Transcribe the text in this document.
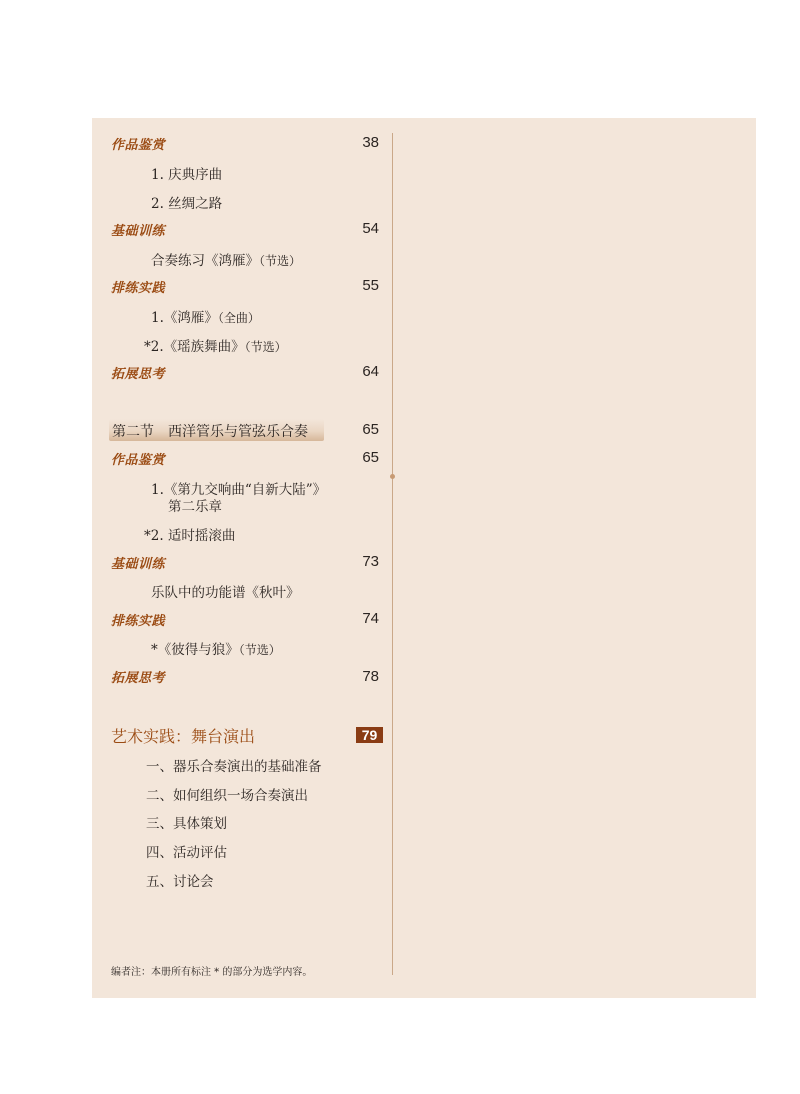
作品鉴赏	38
1. 庆典序曲
2. 丝绸之路
基础训练	54
合奏练习《鸿雁》（节选）
排练实践	55
1.《鸿雁》（全曲）
*2.《瑶族舞曲》（节选）
拓展思考	64
第二节　西洋管乐与管弦乐合奏	65
作品鉴赏	65
1.《第九交响曲“自新大陆”》
第二乐章
*2. 适时摇滚曲
基础训练	73
乐队中的功能谱《秋叶》
排练实践	74
*《彼得与狼》（节选）
拓展思考	78
艺术实践：舞台演出	79
一、器乐合奏演出的基础准备
二、如何组织一场合奏演出
三、具体策划
四、活动评估
五、讨论会
编者注：本册所有标注 * 的部分为选学内容。
